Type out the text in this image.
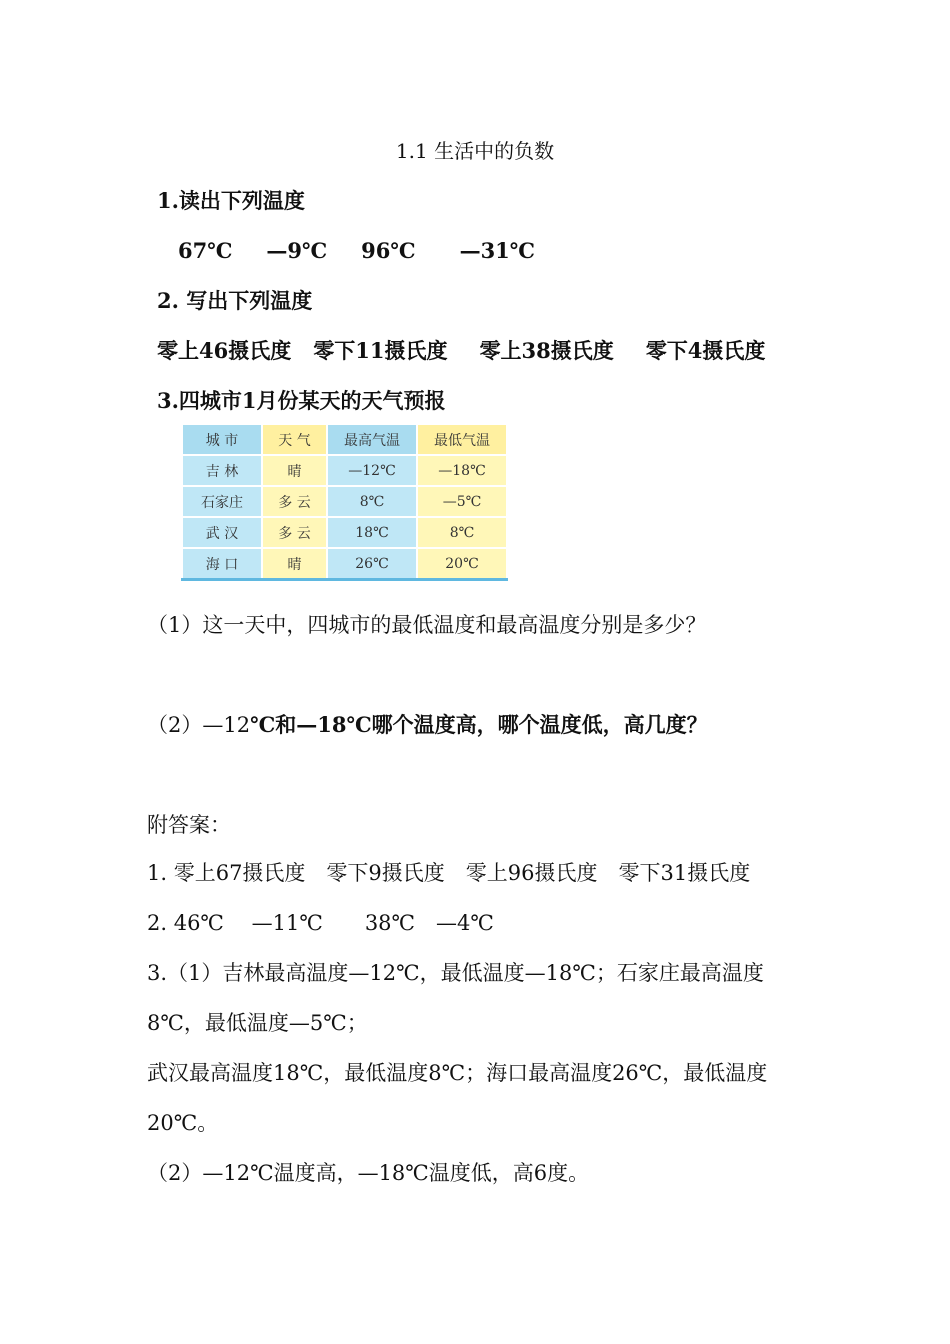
1.1 生活中的负数
1.读出下列温度
67℃ —9℃ 96℃ —31℃
2. 写出下列温度
零上46摄氏度 零下11摄氏度 零上38摄氏度 零下4摄氏度
3.四城市1月份某天的天气预报
城 市	天 气	最高气温	最低气温
吉 林	晴	—12℃	—18℃
石家庄	多 云	8℃	—5℃
武 汉	多 云	18℃	8℃
海 口	晴	26℃	20℃
（1）这一天中，四城市的最低温度和最高温度分别是多少？
（2）—12℃和—18℃哪个温度高，哪个温度低，高几度？
附答案：
1. 零上67摄氏度　零下9摄氏度　零上96摄氏度　零下31摄氏度
2. 46℃　 —11℃　　38℃　—4℃
3.（1）吉林最高温度—12℃，最低温度—18℃；石家庄最高温度
8℃，最低温度—5℃；
武汉最高温度18℃，最低温度8℃；海口最高温度26℃，最低温度
20℃。
（2）—12℃温度高，—18℃温度低，高6度。
